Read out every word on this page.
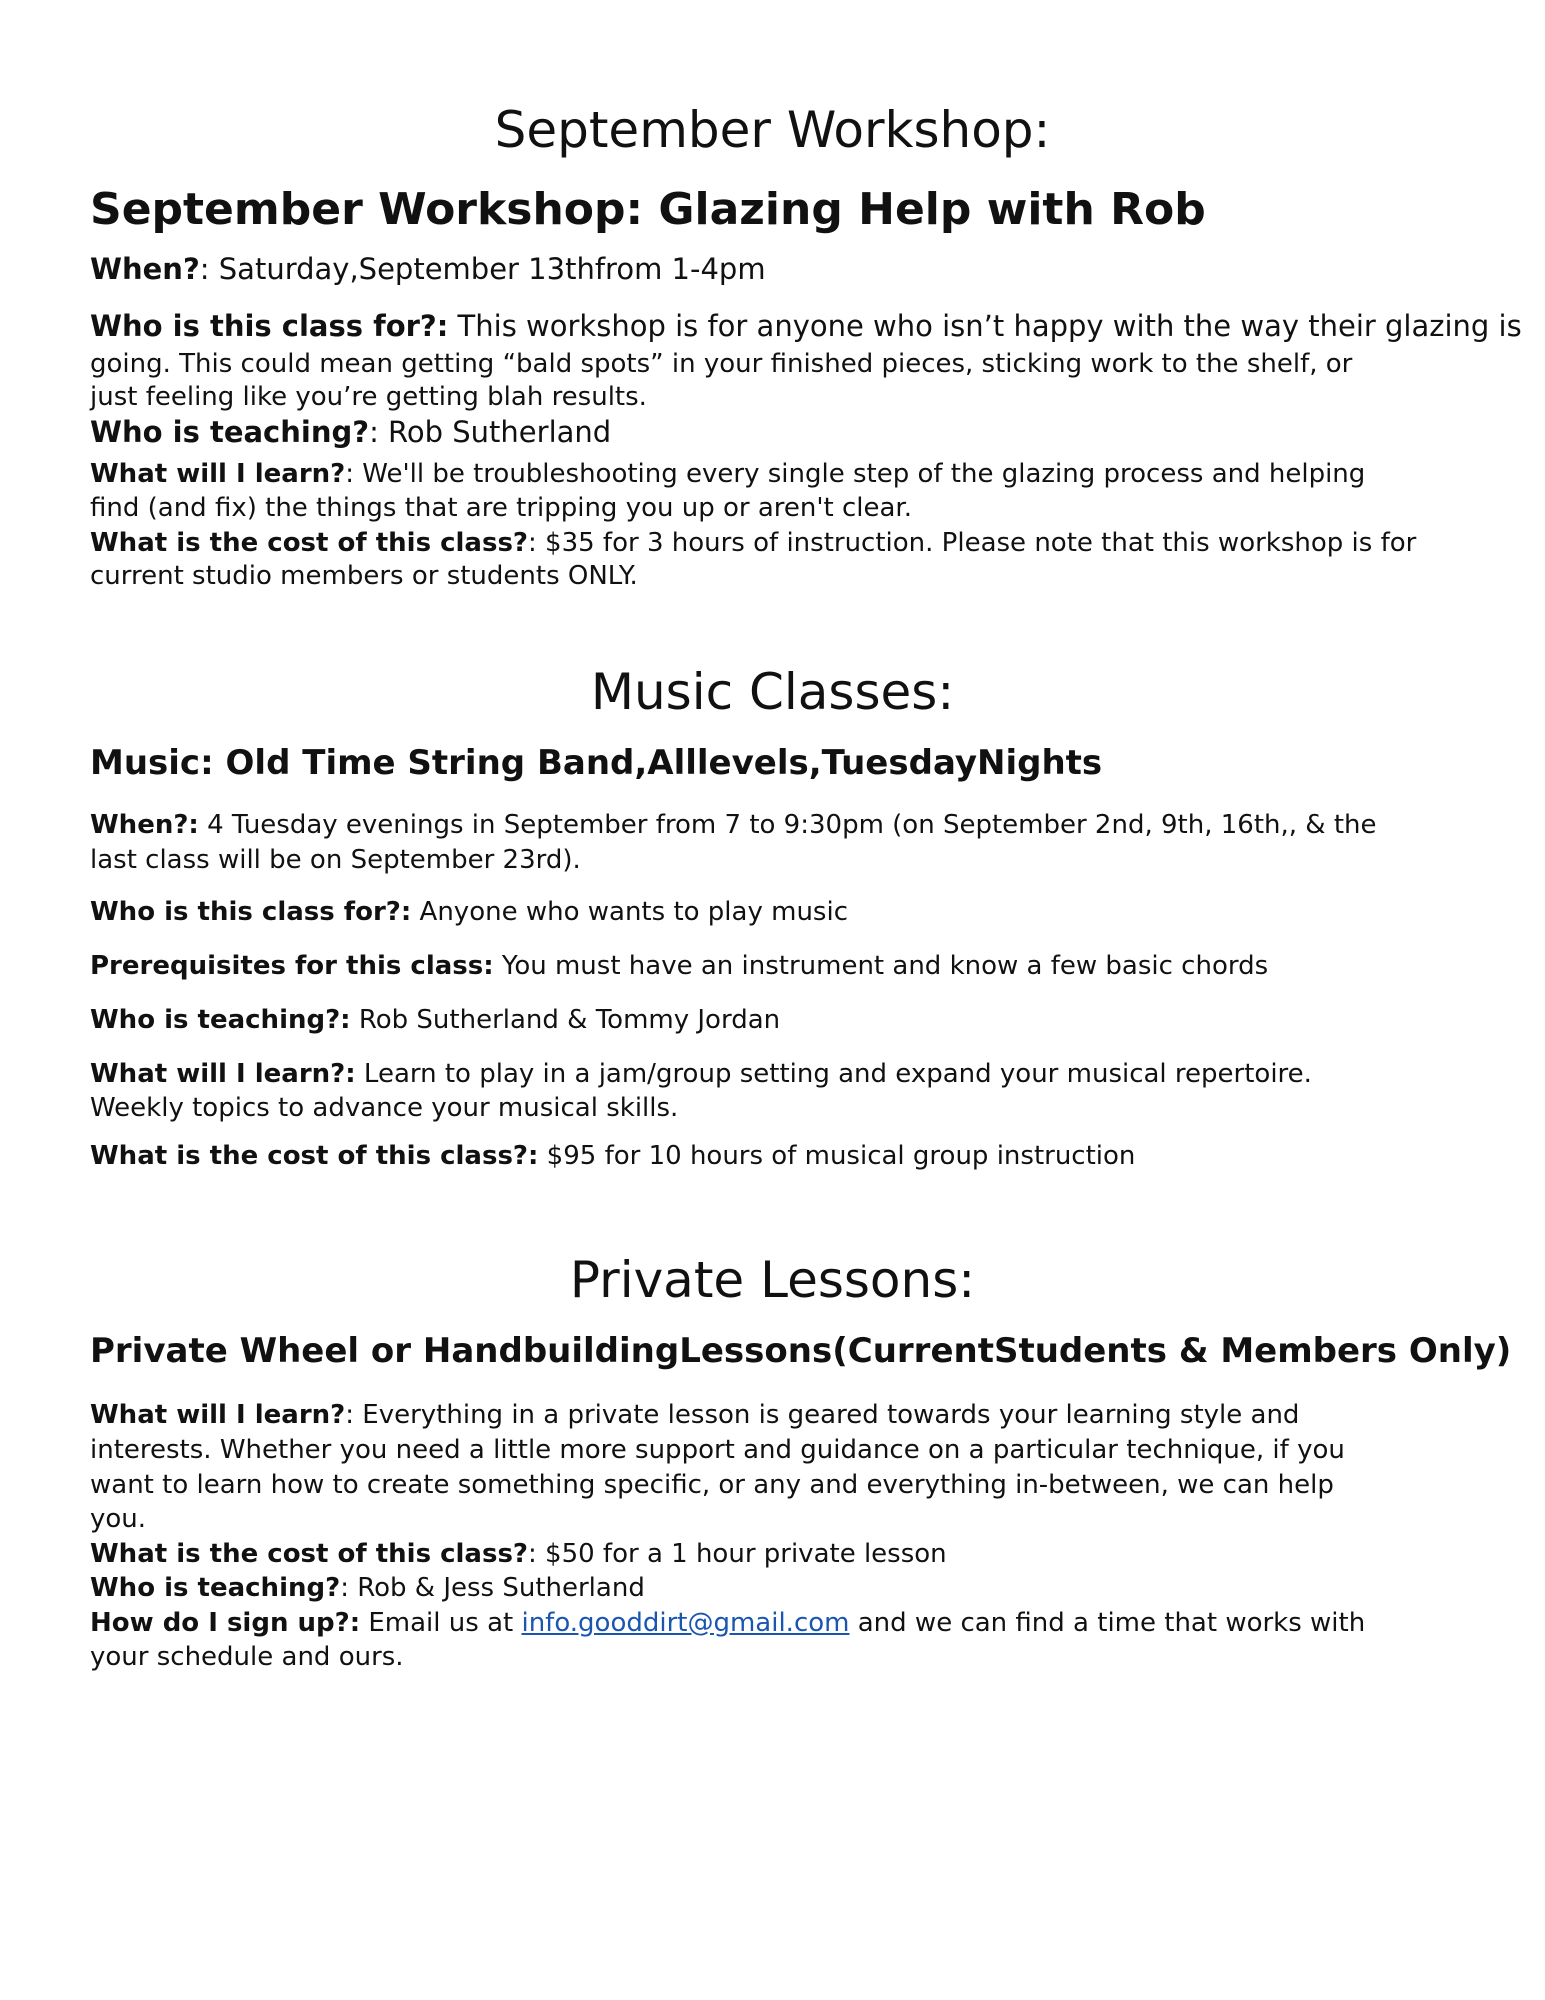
September Workshop:
September Workshop: Glazing Help with Rob

When?: Saturday,September 13thfrom 1-4pm

Who is this class for?: This workshop is for anyone who isn’t happy with the way their glazing is

going. This could mean getting “bald spots” in your finished pieces, sticking work to the shelf, or

just feeling like you’re getting blah results.

Who is teaching?: Rob Sutherland

What will I learn?: We'll be troubleshooting every single step of the glazing process and helping

find (and fix) the things that are tripping you up or aren't clear.

What is the cost of this class?: $35 for 3 hours of instruction. Please note that this workshop is for

current studio members or students ONLY.

Music Classes:
Music: Old Time String Band,Alllevels,TuesdayNights

When?: 4 Tuesday evenings in September from 7 to 9:30pm (on September 2nd, 9th, 16th,, & the

last class will be on September 23rd).

Who is this class for?: Anyone who wants to play music

Prerequisites for this class: You must have an instrument and know a few basic chords

Who is teaching?: Rob Sutherland & Tommy Jordan

What will I learn?: Learn to play in a jam/group setting and expand your musical repertoire.

Weekly topics to advance your musical skills.

What is the cost of this class?: $95 for 10 hours of musical group instruction

Private Lessons:
Private Wheel or HandbuildingLessons(CurrentStudents & Members Only)

What will I learn?: Everything in a private lesson is geared towards your learning style and

interests. Whether you need a little more support and guidance on a particular technique, if you

want to learn how to create something specific, or any and everything in-between, we can help

you.

What is the cost of this class?: $50 for a 1 hour private lesson

Who is teaching?: Rob & Jess Sutherland

How do I sign up?: Email us at info.gooddirt@gmail.com and we can find a time that works with

your schedule and ours.
